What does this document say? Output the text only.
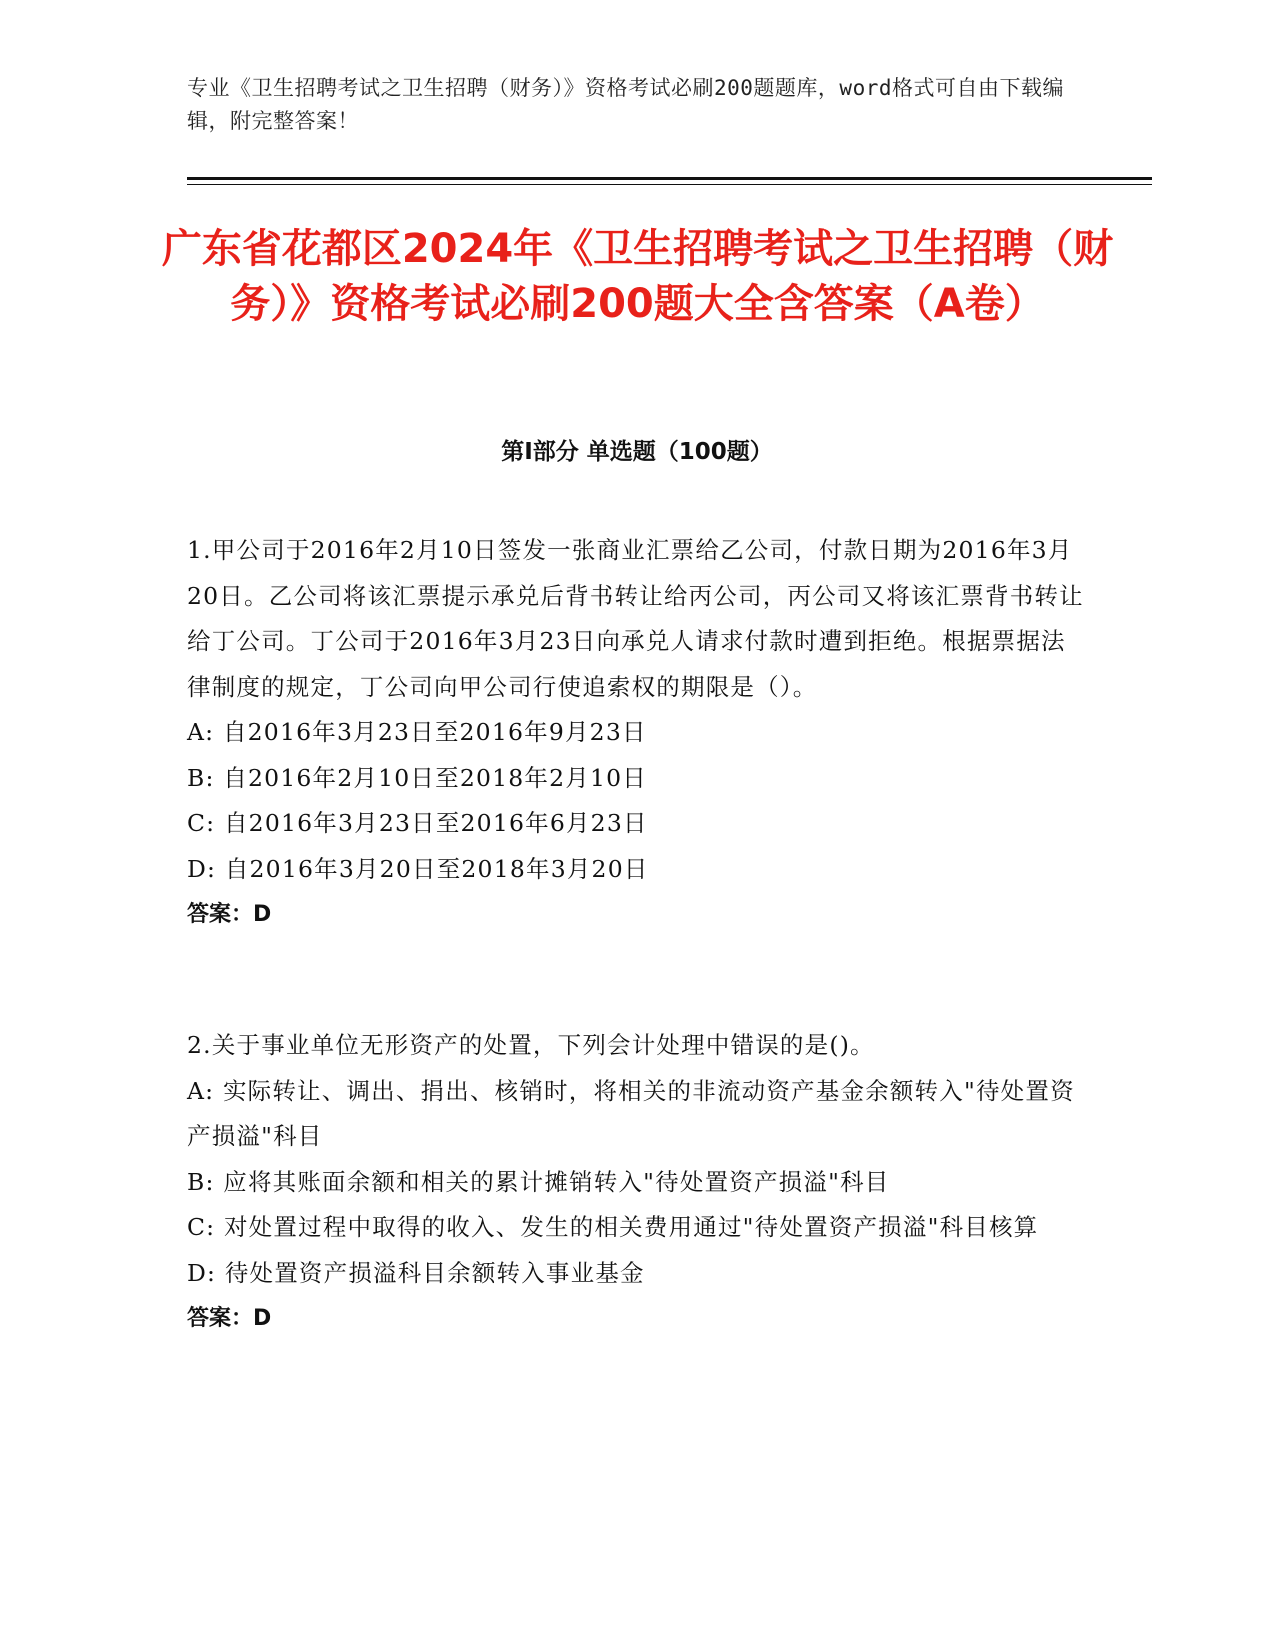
专业《卫生招聘考试之卫生招聘（财务）》资格考试必刷200题题库，word格式可自由下载编辑，附完整答案！
广东省花都区2024年《卫生招聘考试之卫生招聘（财务）》资格考试必刷200题大全含答案（A卷）
第Ⅰ部分 单选题（100题）

1.甲公司于2016年2月10日签发一张商业汇票给乙公司，付款日期为2016年3月20日。乙公司将该汇票提示承兑后背书转让给丙公司，丙公司又将该汇票背书转让给丁公司。丁公司于2016年3月23日向承兑人请求付款时遭到拒绝。根据票据法律制度的规定，丁公司向甲公司行使追索权的期限是（）。

A: 自2016年3月23日至2016年9月23日

B: 自2016年2月10日至2018年2月10日

C: 自2016年3月23日至2016年6月23日

D: 自2016年3月20日至2018年3月20日

答案：D

2.关于事业单位无形资产的处置，下列会计处理中错误的是()。

A: 实际转让、调出、捐出、核销时，将相关的非流动资产基金余额转入"待处置资产损溢"科目

B: 应将其账面余额和相关的累计摊销转入"待处置资产损溢"科目

C: 对处置过程中取得的收入、发生的相关费用通过"待处置资产损溢"科目核算

D: 待处置资产损溢科目余额转入事业基金

答案：D
